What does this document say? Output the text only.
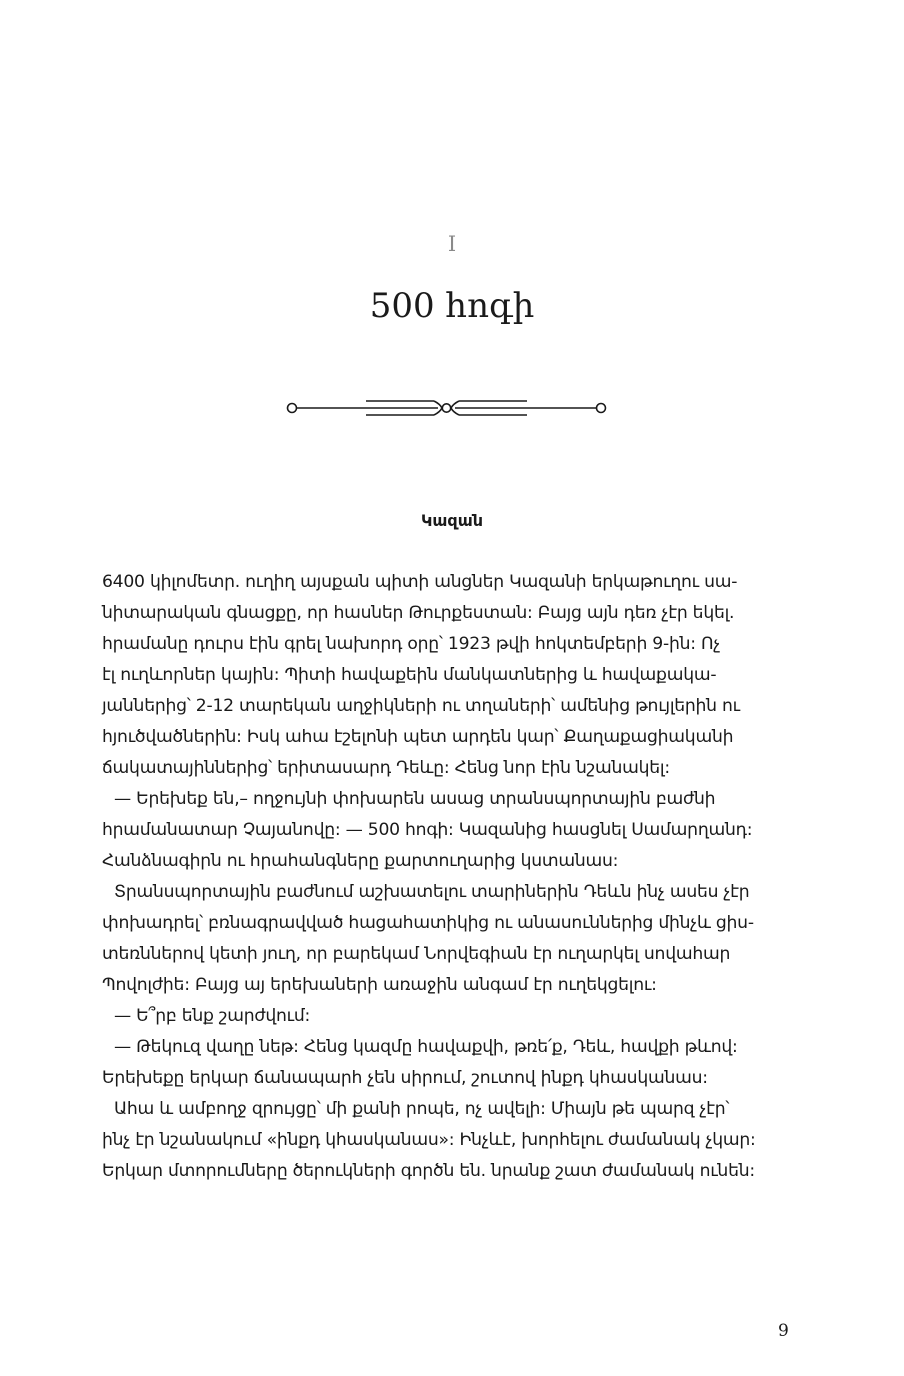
I
500 հոգի
Կազան
6400 կիլոմետր. ուղիղ այսքան պիտի անցներ Կազանի երկաթուղու սա-
նիտարական գնացքը, որ հասներ Թուրքեստան: Բայց այն դեռ չէր եկել.
հրամանը դուրս էին գրել նախորդ օրը՝ 1923 թվի հոկտեմբերի 9-ին: Ոչ
էլ ուղևորներ կային: Պիտի հավաքեին մանկատներից և հավաքակա-
յաններից՝ 2-12 տարեկան աղջիկների ու տղաների՝ ամենից թույլերին ու
հյուծվածներին: Իսկ ահա էշելոնի պետ արդեն կար՝ Քաղաքացիականի
ճակատայիններից՝ երիտասարդ Դեևը: Հենց նոր էին նշանակել:
— Երեխեք են,– ողջույնի փոխարեն ասաց տրանսպորտային բաժնի
հրամանատար Չայանովը: — 500 հոգի: Կազանից հասցնել Սամարղանդ:
Հանձնագիրն ու հրահանգները քարտուղարից կստանաս:
Տրանսպորտային բաժնում աշխատելու տարիներին Դեևն ինչ ասես չէր
փոխադրել՝ բռնագրավված հացահատիկից ու անասուններից մինչև ցիս-
տեռններով կետի յուղ, որ բարեկամ Նորվեգիան էր ուղարկել սովահար
Պովոլժիե: Բայց այ երեխաների առաջին անգամ էր ուղեկցելու:
— Ե՞րբ ենք շարժվում:
— Թեկուզ վաղը նեթ: Հենց կազմը հավաքվի, թռե՛ք, Դեև, հավքի թևով:
Երեխեքը երկար ճանապարհ չեն սիրում, շուտով ինքդ կհասկանաս:
Ահա և ամբողջ զրույցը՝ մի քանի րոպե, ոչ ավելի: Միայն թե պարզ չէր՝
ինչ էր նշանակում «ինքդ կհասկանաս»: Ինչևէ, խորհելու ժամանակ չկար:
Երկար մտորումները ծերուկների գործն են. նրանք շատ ժամանակ ունեն:
9
